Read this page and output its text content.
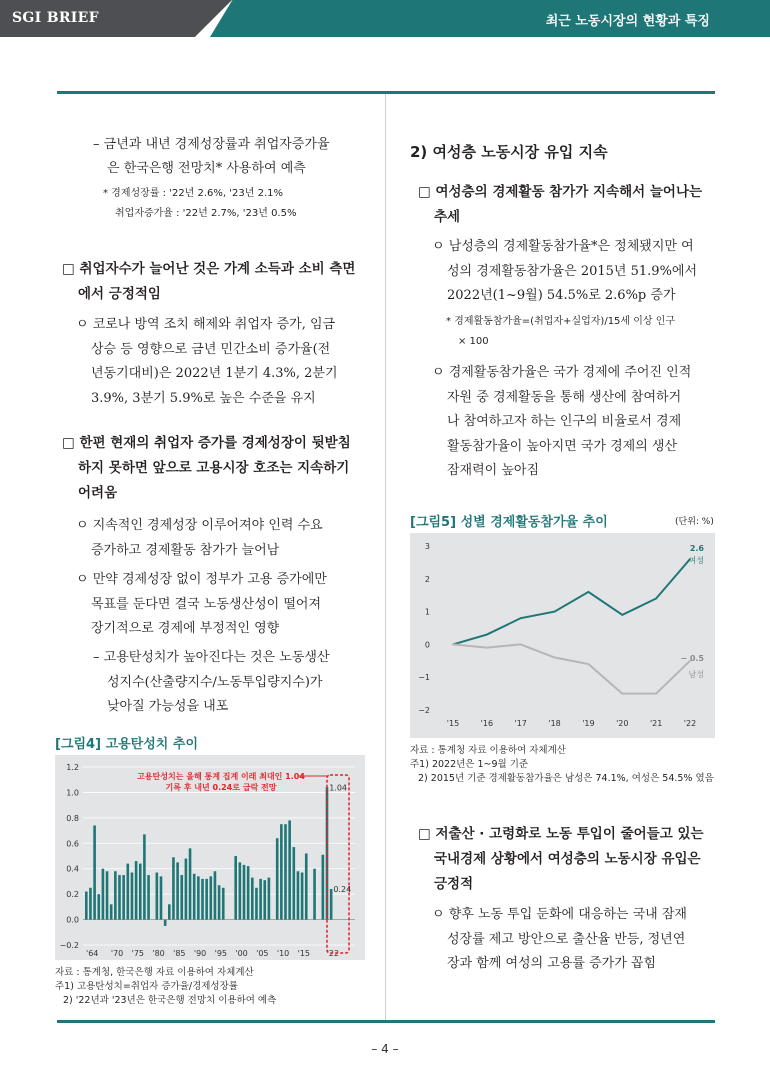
SGI BRIEF	최근 노동시장의 현황과 특징

– 금년과 내년 경제성장률과 취업자증가율

은 한국은행 전망치* 사용하여 예측

* 경제성장률 : '22년 2.6%, '23년 2.1%

취업자증가율 : '22년 2.7%, '23년 0.5%

□ 취업자수가 늘어난 것은 가계 소득과 소비 측면

에서 긍정적임

ㅇ 코로나 방역 조치 해제와 취업자 증가, 임금

상승 등 영향으로 금년 민간소비 증가율(전

년동기대비)은 2022년 1분기 4.3%, 2분기

3.9%, 3분기 5.9%로 높은 수준을 유지

□ 한편 현재의 취업자 증가를 경제성장이 뒷받침

하지 못하면 앞으로 고용시장 호조는 지속하기

어려움

ㅇ 지속적인 경제성장 이루어져야 인력 수요

증가하고 경제활동 참가가 늘어남

ㅇ 만약 경제성장 없이 정부가 고용 증가에만

목표를 둔다면 결국 노동생산성이 떨어져

장기적으로 경제에 부정적인 영향

– 고용탄성치가 높아진다는 것은 노동생산

성지수(산출량지수/노동투입량지수)가

낮아질 가능성을 내포

[그림4] 고용탄성치 추이
1.2
1.0
0.8
0.6
0.4
0.2
0.0
−0.2
'64 '70 '75 '80 '85 '90 '95 '00 '05 '10 '15 '22
고용탄성치는 올해 통계 집계 이래 최대인 1.04
기록 후 내년 0.24로 급락 전망	1.04
0.24

자료 : 통계청, 한국은행 자료 이용하여 자체계산

주1) 고용탄성치=취업자 증가율/경제성장률

2) '22년과 '23년은 한국은행 전망치 이용하여 예측

2) 여성층 노동시장 유입 지속

□ 여성층의 경제활동 참가가 지속해서 늘어나는

추세

ㅇ 남성층의 경제활동참가율*은 정체됐지만 여

성의 경제활동참가율은 2015년 51.9%에서

2022년(1~9월) 54.5%로 2.6%p 증가

* 경제활동참가율=(취업자+실업자)/15세 이상 인구

× 100

ㅇ 경제활동참가율은 국가 경제에 주어진 인적

자원 중 경제활동을 통해 생산에 참여하거

나 참여하고자 하는 인구의 비율로서 경제

활동참가율이 높아지면 국가 경제의 생산

잠재력이 높아짐

[그림5] 성별 경제활동참가율 추이	(단위: %)
3
2
1
0
−1
−2
'15	'16	'17	'18	'19	'20	'21	'22
2.6
여성
− 0.5
남성

자료 : 통계청 자료 이용하여 자체계산

주1) 2022년은 1~9월 기준

2) 2015년 기준 경제활동참가율은 남성은 74.1%, 여성은 54.5% 였음

□ 저출산 · 고령화로 노동 투입이 줄어들고 있는

국내경제 상황에서 여성층의 노동시장 유입은

긍정적

ㅇ 향후 노동 투입 둔화에 대응하는 국내 잠재

성장률 제고 방안으로 출산율 반등, 정년연

장과 함께 여성의 고용률 증가가 꼽힘

– 4 –
